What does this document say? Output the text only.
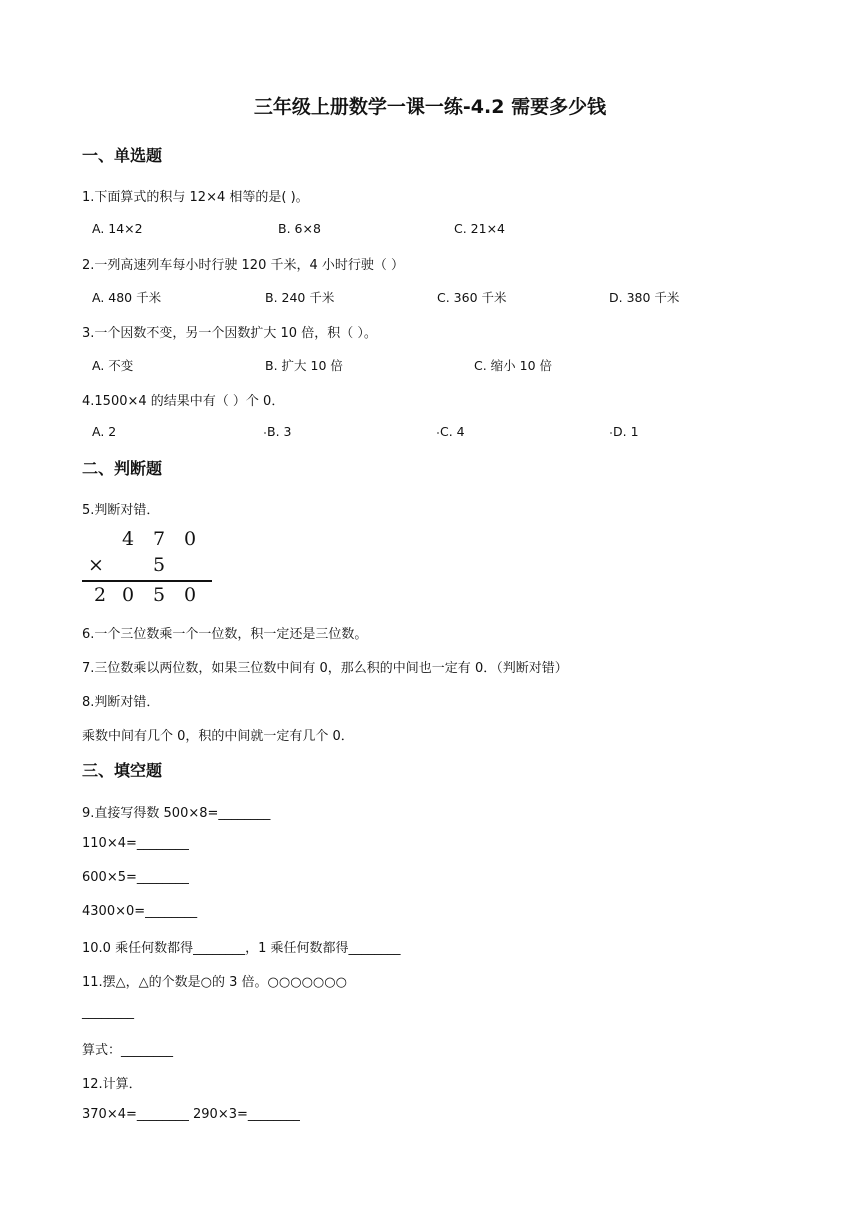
三年级上册数学一课一练-4.2 需要多少钱
一、单选题
1.下面算式的积与 12×4 相等的是( )。
A. 14×2	B. 6×8	C. 21×4
2.一列高速列车每小时行驶 120 千米，4 小时行驶（ ）
A. 480 千米	B. 240 千米	C. 360 千米	D. 380 千米
3.一个因数不变，另一个因数扩大 10 倍，积（ ）。
A. 不变	B. 扩大 10 倍	C. 缩小 10 倍
4.1500×4 的结果中有（ ）个 0．
A. 2	B. 3	C. 4	D. 1
二、判断题
5.判断对错．
4 7 0
×	5
2 0 5 0
6.一个三位数乘一个一位数，积一定还是三位数。
7.三位数乘以两位数，如果三位数中间有 0，那么积的中间也一定有 0．（判断对错）
8.判断对错．
乘数中间有几个 0，积的中间就一定有几个 0．
三、填空题
9.直接写得数 500×8=________
110×4=________
600×5=________
4300×0=________
10.0 乘任何数都得________，1 乘任何数都得________
11.摆△，△的个数是○的 3 倍。○○○○○○○
________
算式：________
12.计算．
370×4=________ 290×3=________
